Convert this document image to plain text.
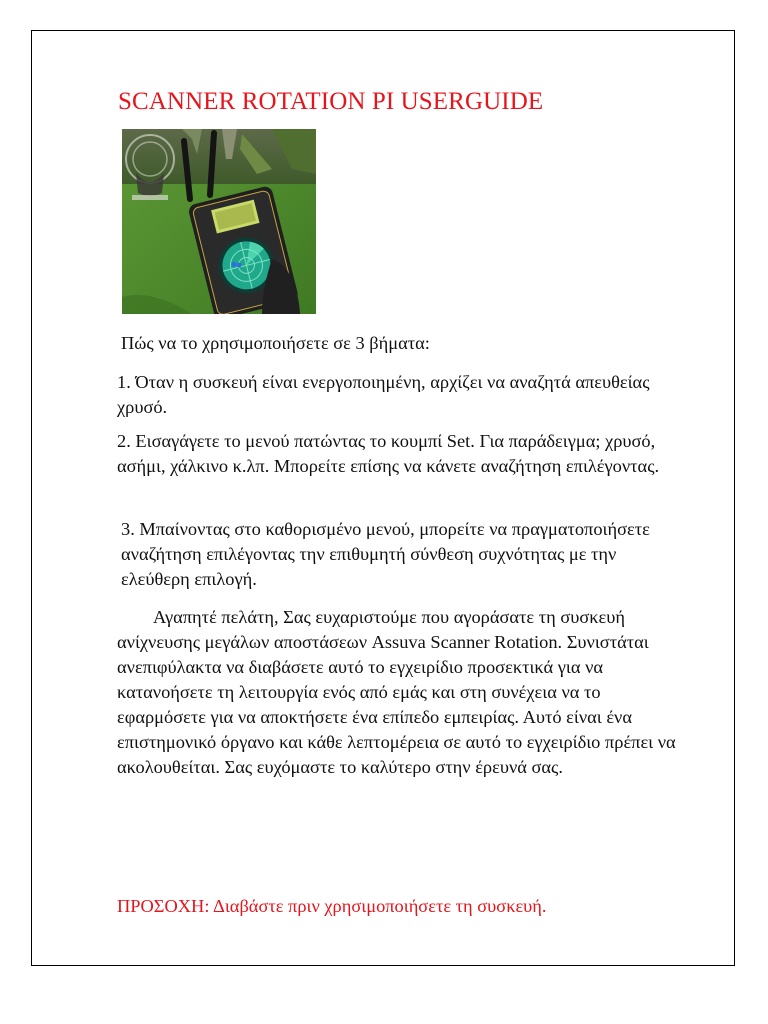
SCANNER ROTATION PI USERGUIDE

Πώς να το χρησιμοποιήσετε σε 3 βήματα:

1. Όταν η συσκευή είναι ενεργοποιημένη, αρχίζει να αναζητά απευθείας χρυσό.

2. Εισαγάγετε το μενού πατώντας το κουμπί Set. Για παράδειγμα; χρυσό, ασήμι, χάλκινο κ.λπ. Μπορείτε επίσης να κάνετε αναζήτηση επιλέγοντας.

3. Μπαίνοντας στο καθορισμένο μενού, μπορείτε να πραγματοποιήσετε αναζήτηση επιλέγοντας την επιθυμητή σύνθεση συχνότητας με την ελεύθερη επιλογή.

Αγαπητέ πελάτη, Σας ευχαριστούμε που αγοράσατε τη συσκευή ανίχνευσης μεγάλων αποστάσεων Assuva Scanner Rotation. Συνιστάται ανεπιφύλακτα να διαβάσετε αυτό το εγχειρίδιο προσεκτικά για να κατανοήσετε τη λειτουργία ενός από εμάς και στη συνέχεια να το εφαρμόσετε για να αποκτήσετε ένα επίπεδο εμπειρίας. Αυτό είναι ένα επιστημονικό όργανο και κάθε λεπτομέρεια σε αυτό το εγχειρίδιο πρέπει να ακολουθείται. Σας ευχόμαστε το καλύτερο στην έρευνά σας.

ΠΡΟΣΟΧΗ: Διαβάστε πριν χρησιμοποιήσετε τη συσκευή.
